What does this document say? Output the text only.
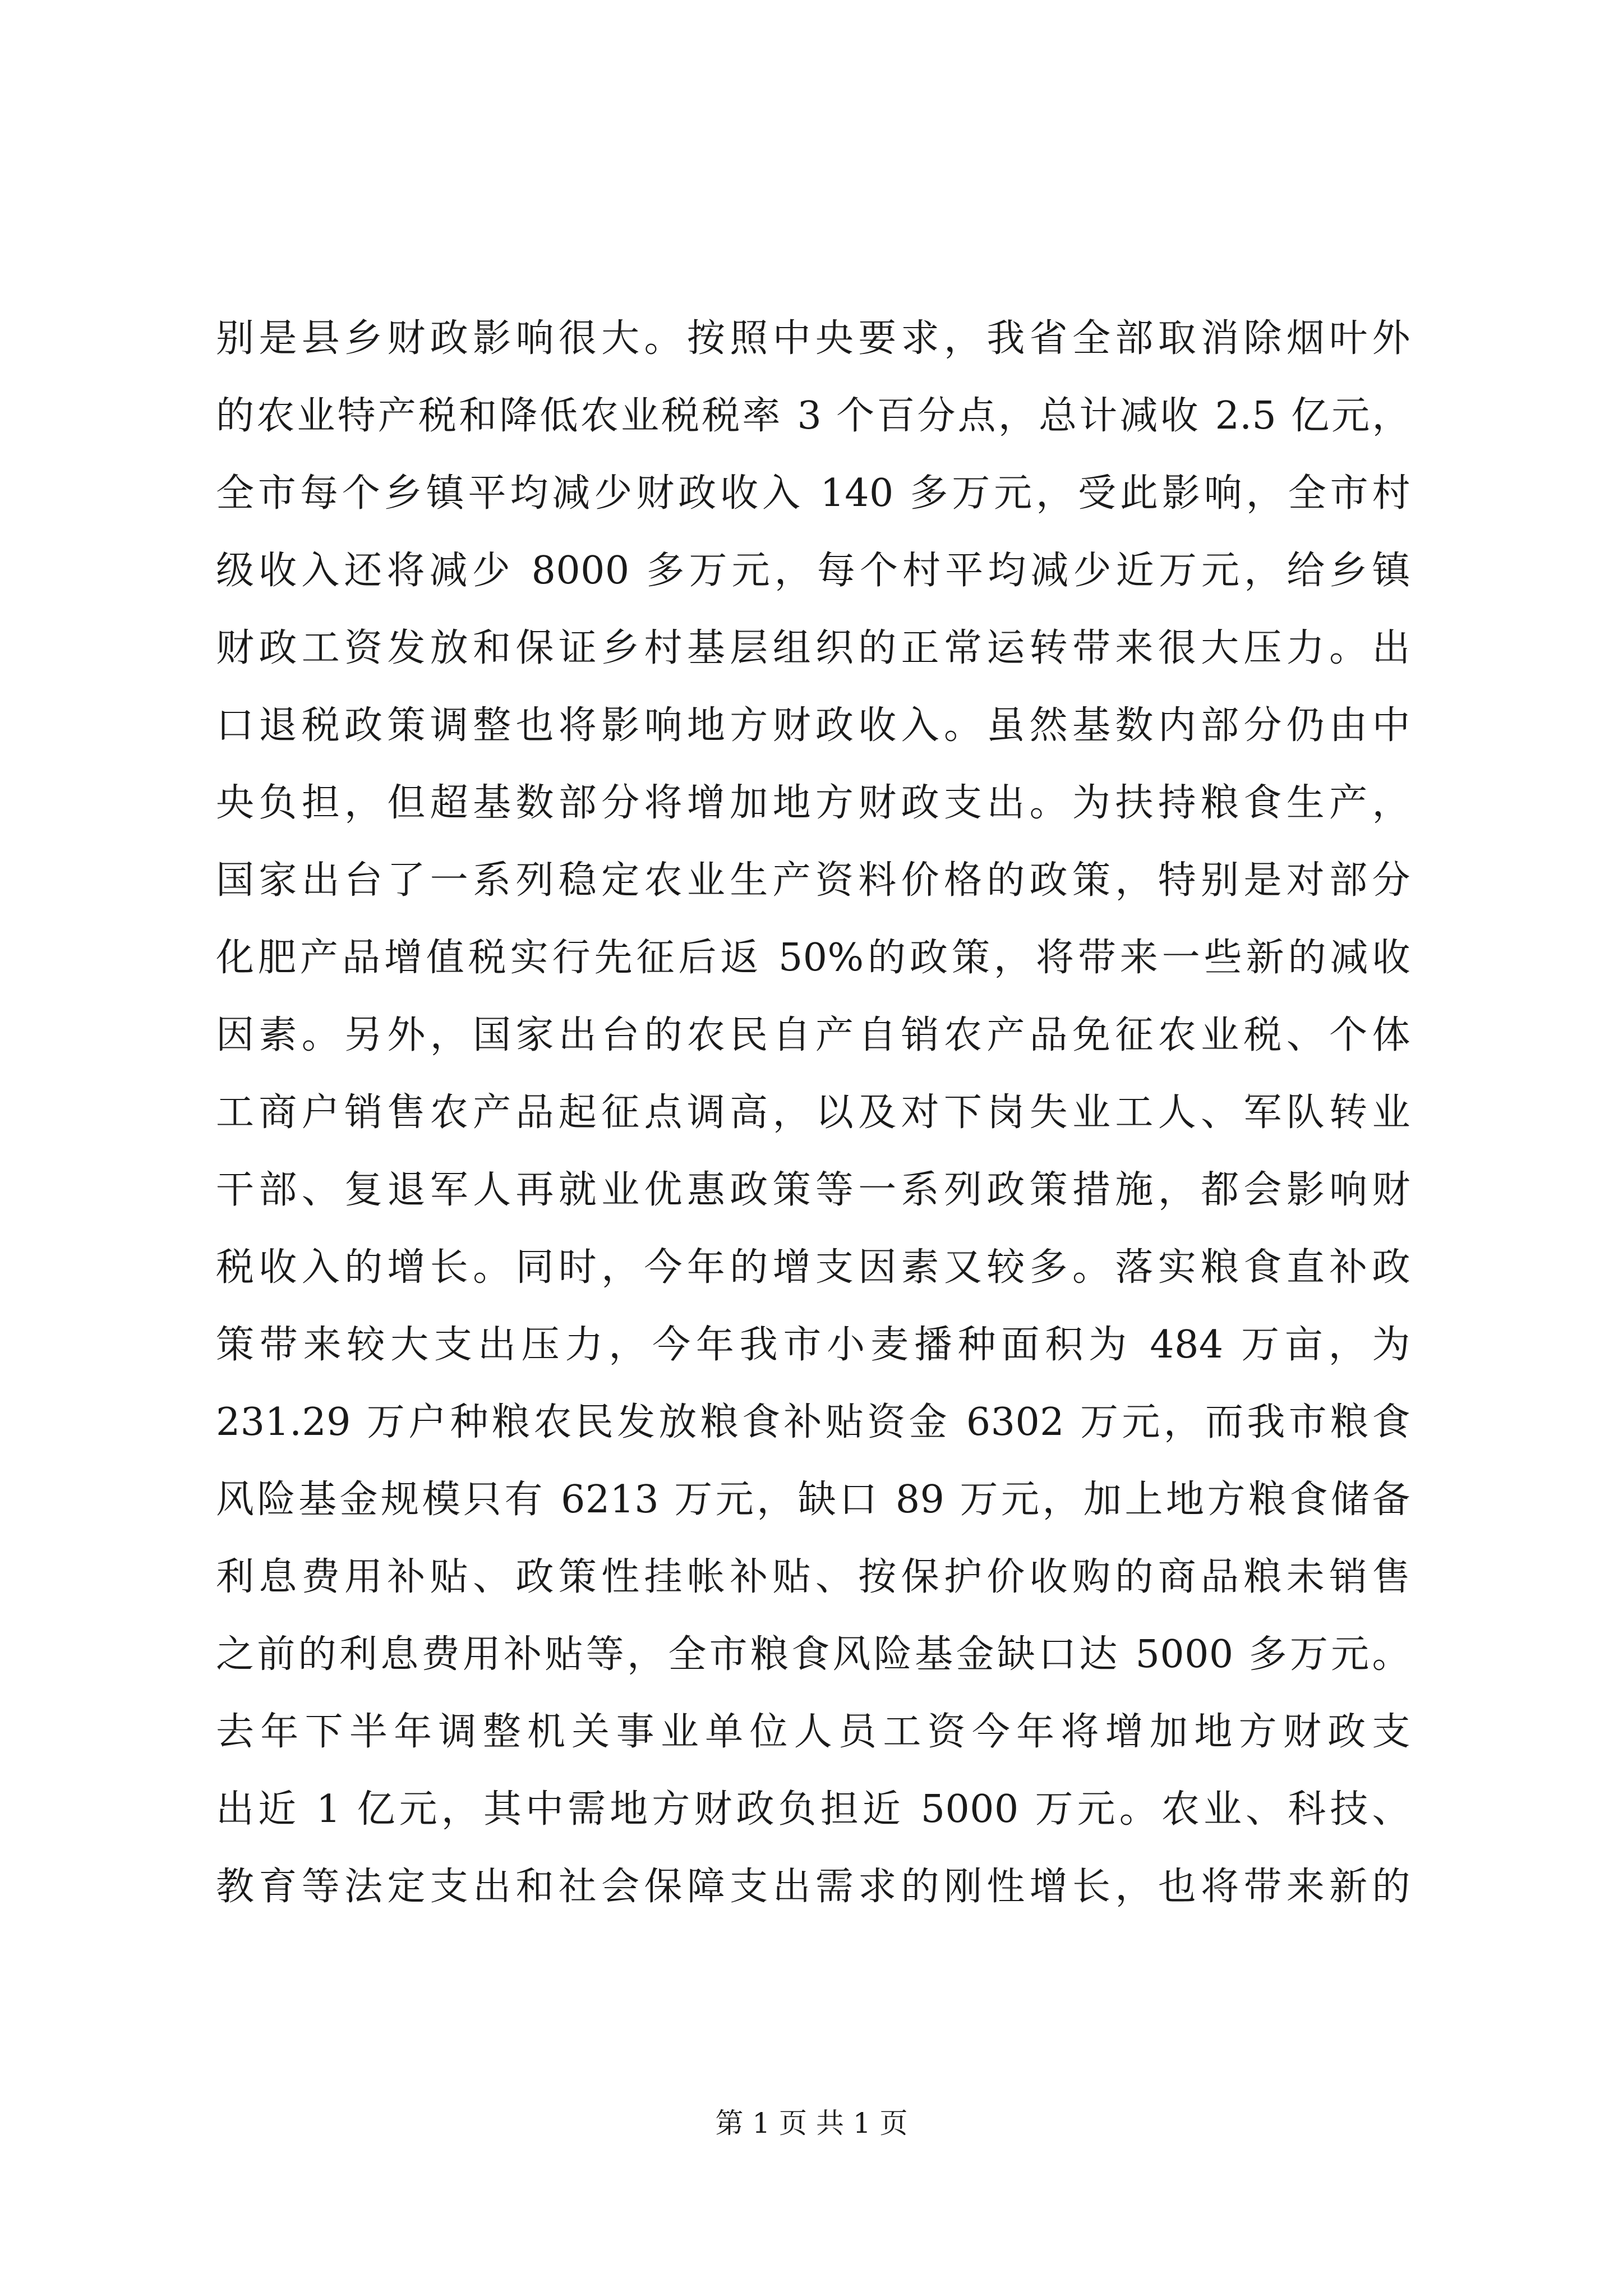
别是县乡财政影响很大。按照中央要求，我省全部取消除烟叶外
的农业特产税和降低农业税税率 3 个百分点，总计减收 2.5 亿元，
全市每个乡镇平均减少财政收入 140 多万元，受此影响，全市村
级收入还将减少 8000 多万元，每个村平均减少近万元，给乡镇
财政工资发放和保证乡村基层组织的正常运转带来很大压力。出
口退税政策调整也将影响地方财政收入。虽然基数内部分仍由中
央负担，但超基数部分将增加地方财政支出。为扶持粮食生产，
国家出台了一系列稳定农业生产资料价格的政策，特别是对部分
化肥产品增值税实行先征后返 50%的政策，将带来一些新的减收
因素。另外，国家出台的农民自产自销农产品免征农业税、个体
工商户销售农产品起征点调高，以及对下岗失业工人、军队转业
干部、复退军人再就业优惠政策等一系列政策措施，都会影响财
税收入的增长。同时，今年的增支因素又较多。落实粮食直补政
策带来较大支出压力，今年我市小麦播种面积为 484 万亩，为
231.29 万户种粮农民发放粮食补贴资金 6302 万元，而我市粮食
风险基金规模只有 6213 万元，缺口 89 万元，加上地方粮食储备
利息费用补贴、政策性挂帐补贴、按保护价收购的商品粮未销售
之前的利息费用补贴等，全市粮食风险基金缺口达 5000 多万元。
去年下半年调整机关事业单位人员工资今年将增加地方财政支
出近 1 亿元，其中需地方财政负担近 5000 万元。农业、科技、
教育等法定支出和社会保障支出需求的刚性增长，也将带来新的
第 1 页 共 1 页
